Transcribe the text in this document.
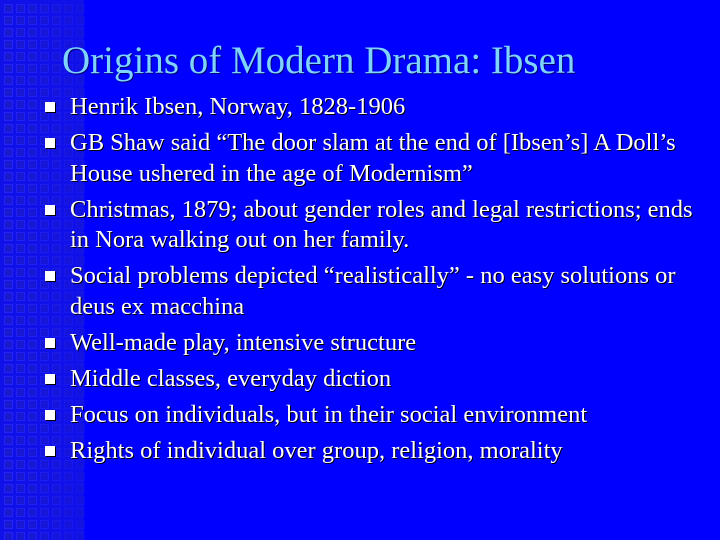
Origins of Modern Drama: Ibsen
Henrik Ibsen, Norway, 1828-1906
GB Shaw said “The door slam at the end of [Ibsen’s] A Doll’s House ushered in the age of Modernism”
Christmas, 1879; about gender roles and legal restrictions; ends in Nora walking out on her family.
Social problems depicted “realistically” - no easy solutions or deus ex macchina
Well-made play, intensive structure
Middle classes, everyday diction
Focus on individuals, but in their social environment
Rights of individual over group, religion, morality
